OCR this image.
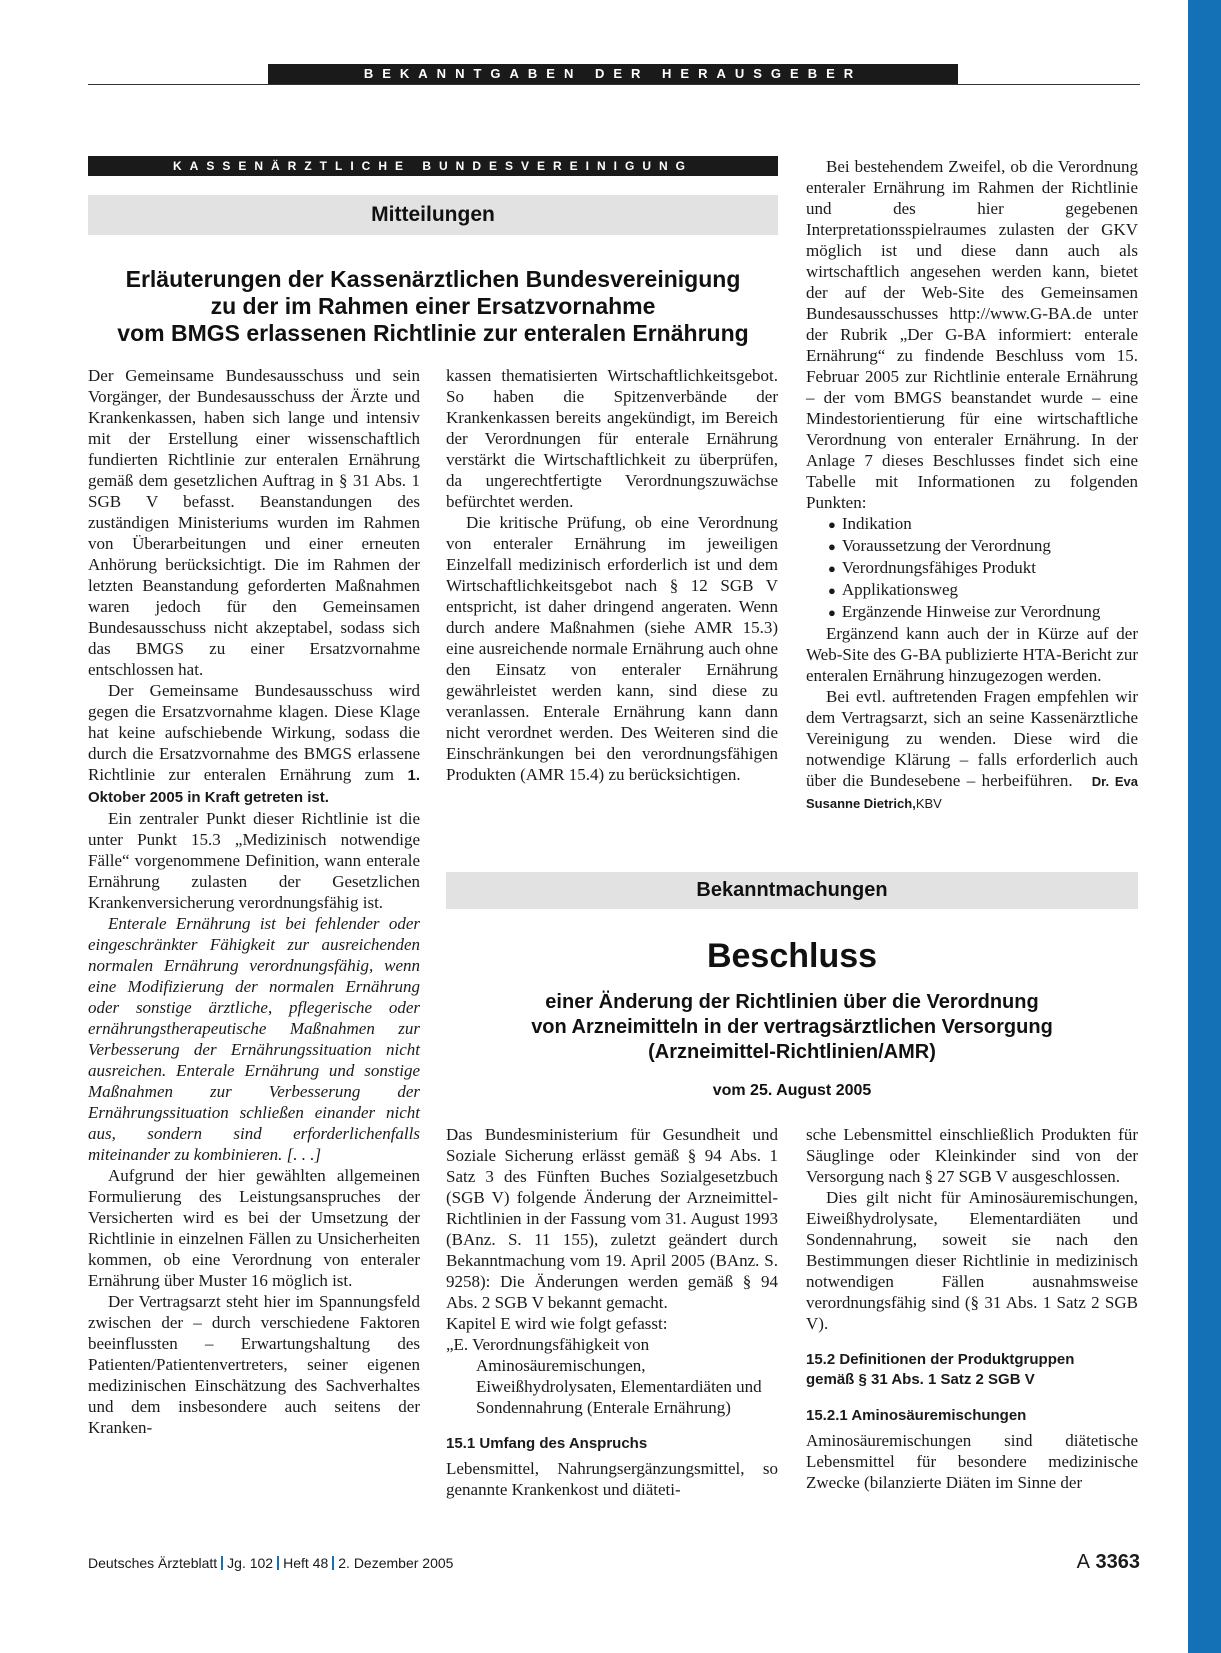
BEKANNTGABEN DER HERAUSGEBER
KASSENÄRZTLICHE BUNDESVEREINIGUNG
Mitteilungen
Erläuterungen der Kassenärztlichen Bundesvereinigung
zu der im Rahmen einer Ersatzvornahme
vom BMGS erlassenen Richtlinie zur enteralen Ernährung

Der Gemeinsame Bundesausschuss und sein Vorgänger, der Bundesausschuss der Ärzte und Krankenkassen, haben sich lange und intensiv mit der Erstellung einer wissenschaftlich fundierten Richtlinie zur enteralen Ernährung gemäß dem gesetzlichen Auftrag in § 31 Abs. 1 SGB V befasst. Beanstandungen des zuständigen Ministeriums wurden im Rahmen von Überarbeitungen und einer erneuten Anhörung berücksichtigt. Die im Rahmen der letzten Beanstandung geforderten Maßnahmen waren jedoch für den Gemeinsamen Bundesausschuss nicht akzeptabel, sodass sich das BMGS zu einer Ersatzvornahme entschlossen hat.

Der Gemeinsame Bundesausschuss wird gegen die Ersatzvornahme klagen. Diese Klage hat keine aufschiebende Wirkung, sodass die durch die Ersatzvornahme des BMGS erlassene Richtlinie zur enteralen Ernährung zum 1. Oktober 2005 in Kraft getreten ist.

Ein zentraler Punkt dieser Richtlinie ist die unter Punkt 15.3 „Medizinisch notwendige Fälle“ vorgenommene Definition, wann enterale Ernährung zulasten der Gesetzlichen Krankenversicherung verordnungsfähig ist.

Enterale Ernährung ist bei fehlender oder eingeschränkter Fähigkeit zur ausreichenden normalen Ernährung verordnungsfähig, wenn eine Modifizierung der normalen Ernährung oder sonstige ärztliche, pflegerische oder ernährungstherapeutische Maßnahmen zur Verbesserung der Ernährungssituation nicht ausreichen. Enterale Ernährung und sonstige Maßnahmen zur Verbesserung der Ernährungssituation schließen einander nicht aus, sondern sind erforderlichenfalls miteinander zu kombinieren. [. . .]

Aufgrund der hier gewählten allgemeinen Formulierung des Leistungsanspruches der Versicherten wird es bei der Umsetzung der Richtlinie in einzelnen Fällen zu Unsicherheiten kommen, ob eine Verordnung von enteraler Ernährung über Muster 16 möglich ist.

Der Vertragsarzt steht hier im Spannungsfeld zwischen der – durch verschiedene Faktoren beeinflussten – Erwartungshaltung des Patienten/Patientenvertreters, seiner eigenen medizinischen Einschätzung des Sachverhaltes und dem insbesondere auch seitens der Kranken-

kassen thematisierten Wirtschaftlichkeitsgebot. So haben die Spitzenverbände der Krankenkassen bereits angekündigt, im Bereich der Verordnungen für enterale Ernährung verstärkt die Wirtschaftlichkeit zu überprüfen, da ungerechtfertigte Verordnungszuwächse befürchtet werden.

Die kritische Prüfung, ob eine Verordnung von enteraler Ernährung im jeweiligen Einzelfall medizinisch erforderlich ist und dem Wirtschaftlichkeitsgebot nach § 12 SGB V entspricht, ist daher dringend angeraten. Wenn durch andere Maßnahmen (siehe AMR 15.3) eine ausreichende normale Ernährung auch ohne den Einsatz von enteraler Ernährung gewährleistet werden kann, sind diese zu veranlassen. Enterale Ernährung kann dann nicht verordnet werden. Des Weiteren sind die Einschränkungen bei den verordnungsfähigen Produkten (AMR 15.4) zu berücksichtigen.

Bei bestehendem Zweifel, ob die Verordnung enteraler Ernährung im Rahmen der Richtlinie und des hier gegebenen Interpretationsspielraumes zulasten der GKV möglich ist und diese dann auch als wirtschaftlich angesehen werden kann, bietet der auf der Web-Site des Gemeinsamen Bundesausschusses http://www.G-BA.de unter der Rubrik „Der G-BA informiert: enterale Ernährung“ zu findende Beschluss vom 15. Februar 2005 zur Richtlinie enterale Ernährung – der vom BMGS beanstandet wurde – eine Mindestorientierung für eine wirtschaftliche Verordnung von enteraler Ernährung. In der Anlage 7 dieses Beschlusses findet sich eine Tabelle mit Informationen zu folgenden Punkten:

● Indikation
● Voraussetzung der Verordnung
● Verordnungsfähiges Produkt
● Applikationsweg
● Ergänzende Hinweise zur Verordnung

Ergänzend kann auch der in Kürze auf der Web-Site des G-BA publizierte HTA-Bericht zur enteralen Ernährung hinzugezogen werden.

Bei evtl. auftretenden Fragen empfehlen wir dem Vertragsarzt, sich an seine Kassenärztliche Vereinigung zu wenden. Diese wird die notwendige Klärung – falls erforderlich auch über die Bundesebene – herbeiführen. Dr. Eva Susanne Dietrich,KBV

Bekanntmachungen
Beschluss
einer Änderung der Richtlinien über die Verordnung
von Arzneimitteln in der vertragsärztlichen Versorgung
(Arzneimittel-Richtlinien/AMR)
vom 25. August 2005

Das Bundesministerium für Gesundheit und Soziale Sicherung erlässt gemäß § 94 Abs. 1 Satz 3 des Fünften Buches Sozialgesetzbuch (SGB V) folgende Änderung der Arzneimittel-Richtlinien in der Fassung vom 31. August 1993 (BAnz. S. 11 155), zuletzt geändert durch Bekanntmachung vom 19. April 2005 (BAnz. S. 9258): Die Änderungen werden gemäß § 94 Abs. 2 SGB V bekannt gemacht.

Kapitel E wird wie folgt gefasst:

„E. Verordnungsfähigkeit von Aminosäuremischungen, Eiweißhydrolysaten, Elementardiäten und Sondennahrung (Enterale Ernährung)

15.1 Umfang des Anspruchs

Lebensmittel, Nahrungsergänzungsmittel, so genannte Krankenkost und diäteti-

sche Lebensmittel einschließlich Produkten für Säuglinge oder Kleinkinder sind von der Versorgung nach § 27 SGB V ausgeschlossen.

Dies gilt nicht für Aminosäuremischungen, Eiweißhydrolysate, Elementardiäten und Sondennahrung, soweit sie nach den Bestimmungen dieser Richtlinie in medizinisch notwendigen Fällen ausnahmsweise verordnungsfähig sind (§ 31 Abs. 1 Satz 2 SGB V).

15.2 Definitionen der Produktgruppen
gemäß § 31 Abs. 1 Satz 2 SGB V
15.2.1 Aminosäuremischungen

Aminosäuremischungen sind diätetische Lebensmittel für besondere medizinische Zwecke (bilanzierte Diäten im Sinne der

Deutsches Ärzteblatt Jg. 102 Heft 48 2. Dezember 2005	A 3363
